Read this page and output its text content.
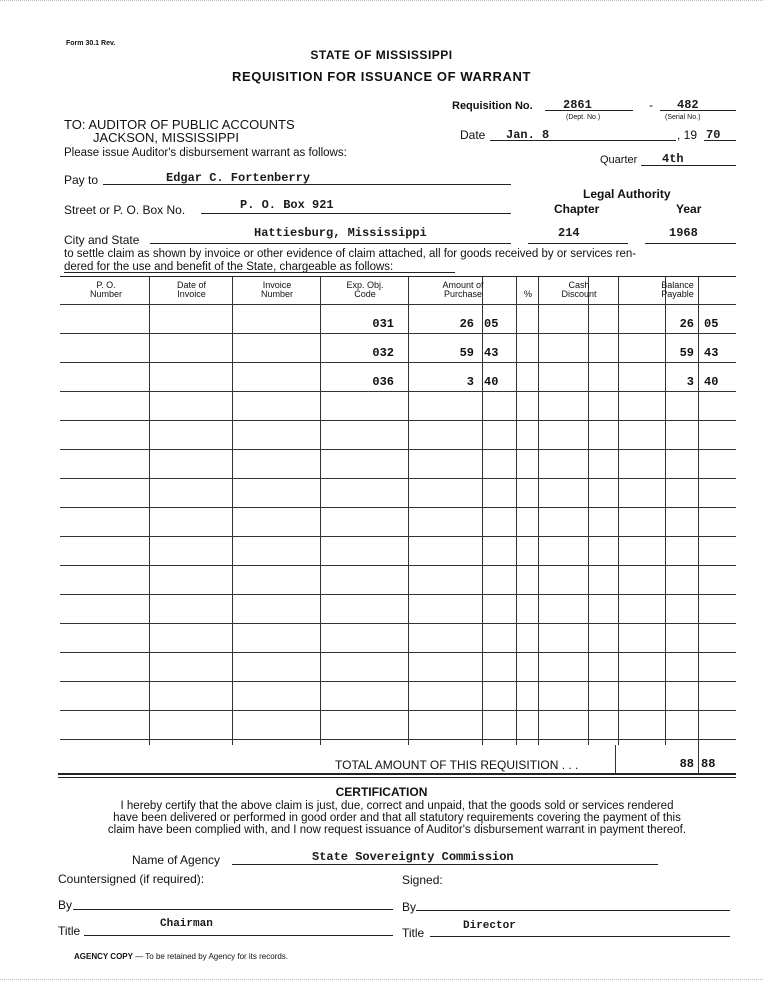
Form 30.1 Rev.
STATE OF MISSISSIPPI
REQUISITION FOR ISSUANCE OF WARRANT
Requisition No.	2861	- 482
(Dept. No.)	(Serial No.)
TO: AUDITOR OF PUBLIC ACCOUNTS
JACKSON, MISSISSIPPI
Please issue Auditor's disbursement warrant as follows:
Date Jan. 8	, 19 70
Quarter 4th
Pay to	Edgar C. Fortenberry
Legal Authority
Chapter	Year
Street or P. O. Box No.	P. O. Box 921
City and State	Hattiesburg, Mississippi	214	1968
to settle claim as shown by invoice or other evidence of claim attached, all for goods received by or services ren-
dered for the use and benefit of the State, chargeable as follows:
P. O.
Number
Date of
Invoice
Invoice
Number
Exp. Obj.
Code
Amount of
Purchase	%
Cash
Discount
Balance
Payable
031	26 05	26 05
032	59 43	59 43
036	3 40	3 40
TOTAL AMOUNT OF THIS REQUISITION . . .	88 88
CERTIFICATION
I hereby certify that the above claim is just, due, correct and unpaid, that the goods sold or services rendered
have been delivered or performed in good order and that all statutory requirements covering the payment of this
claim have been complied with, and I now request issuance of Auditor's disbursement warrant in payment thereof.
Name of Agency	State Sovereignty Commission
Countersigned (if required):	Signed:
By	By
Title	Chairman
Title	Director
AGENCY COPY — To be retained by Agency for its records.
